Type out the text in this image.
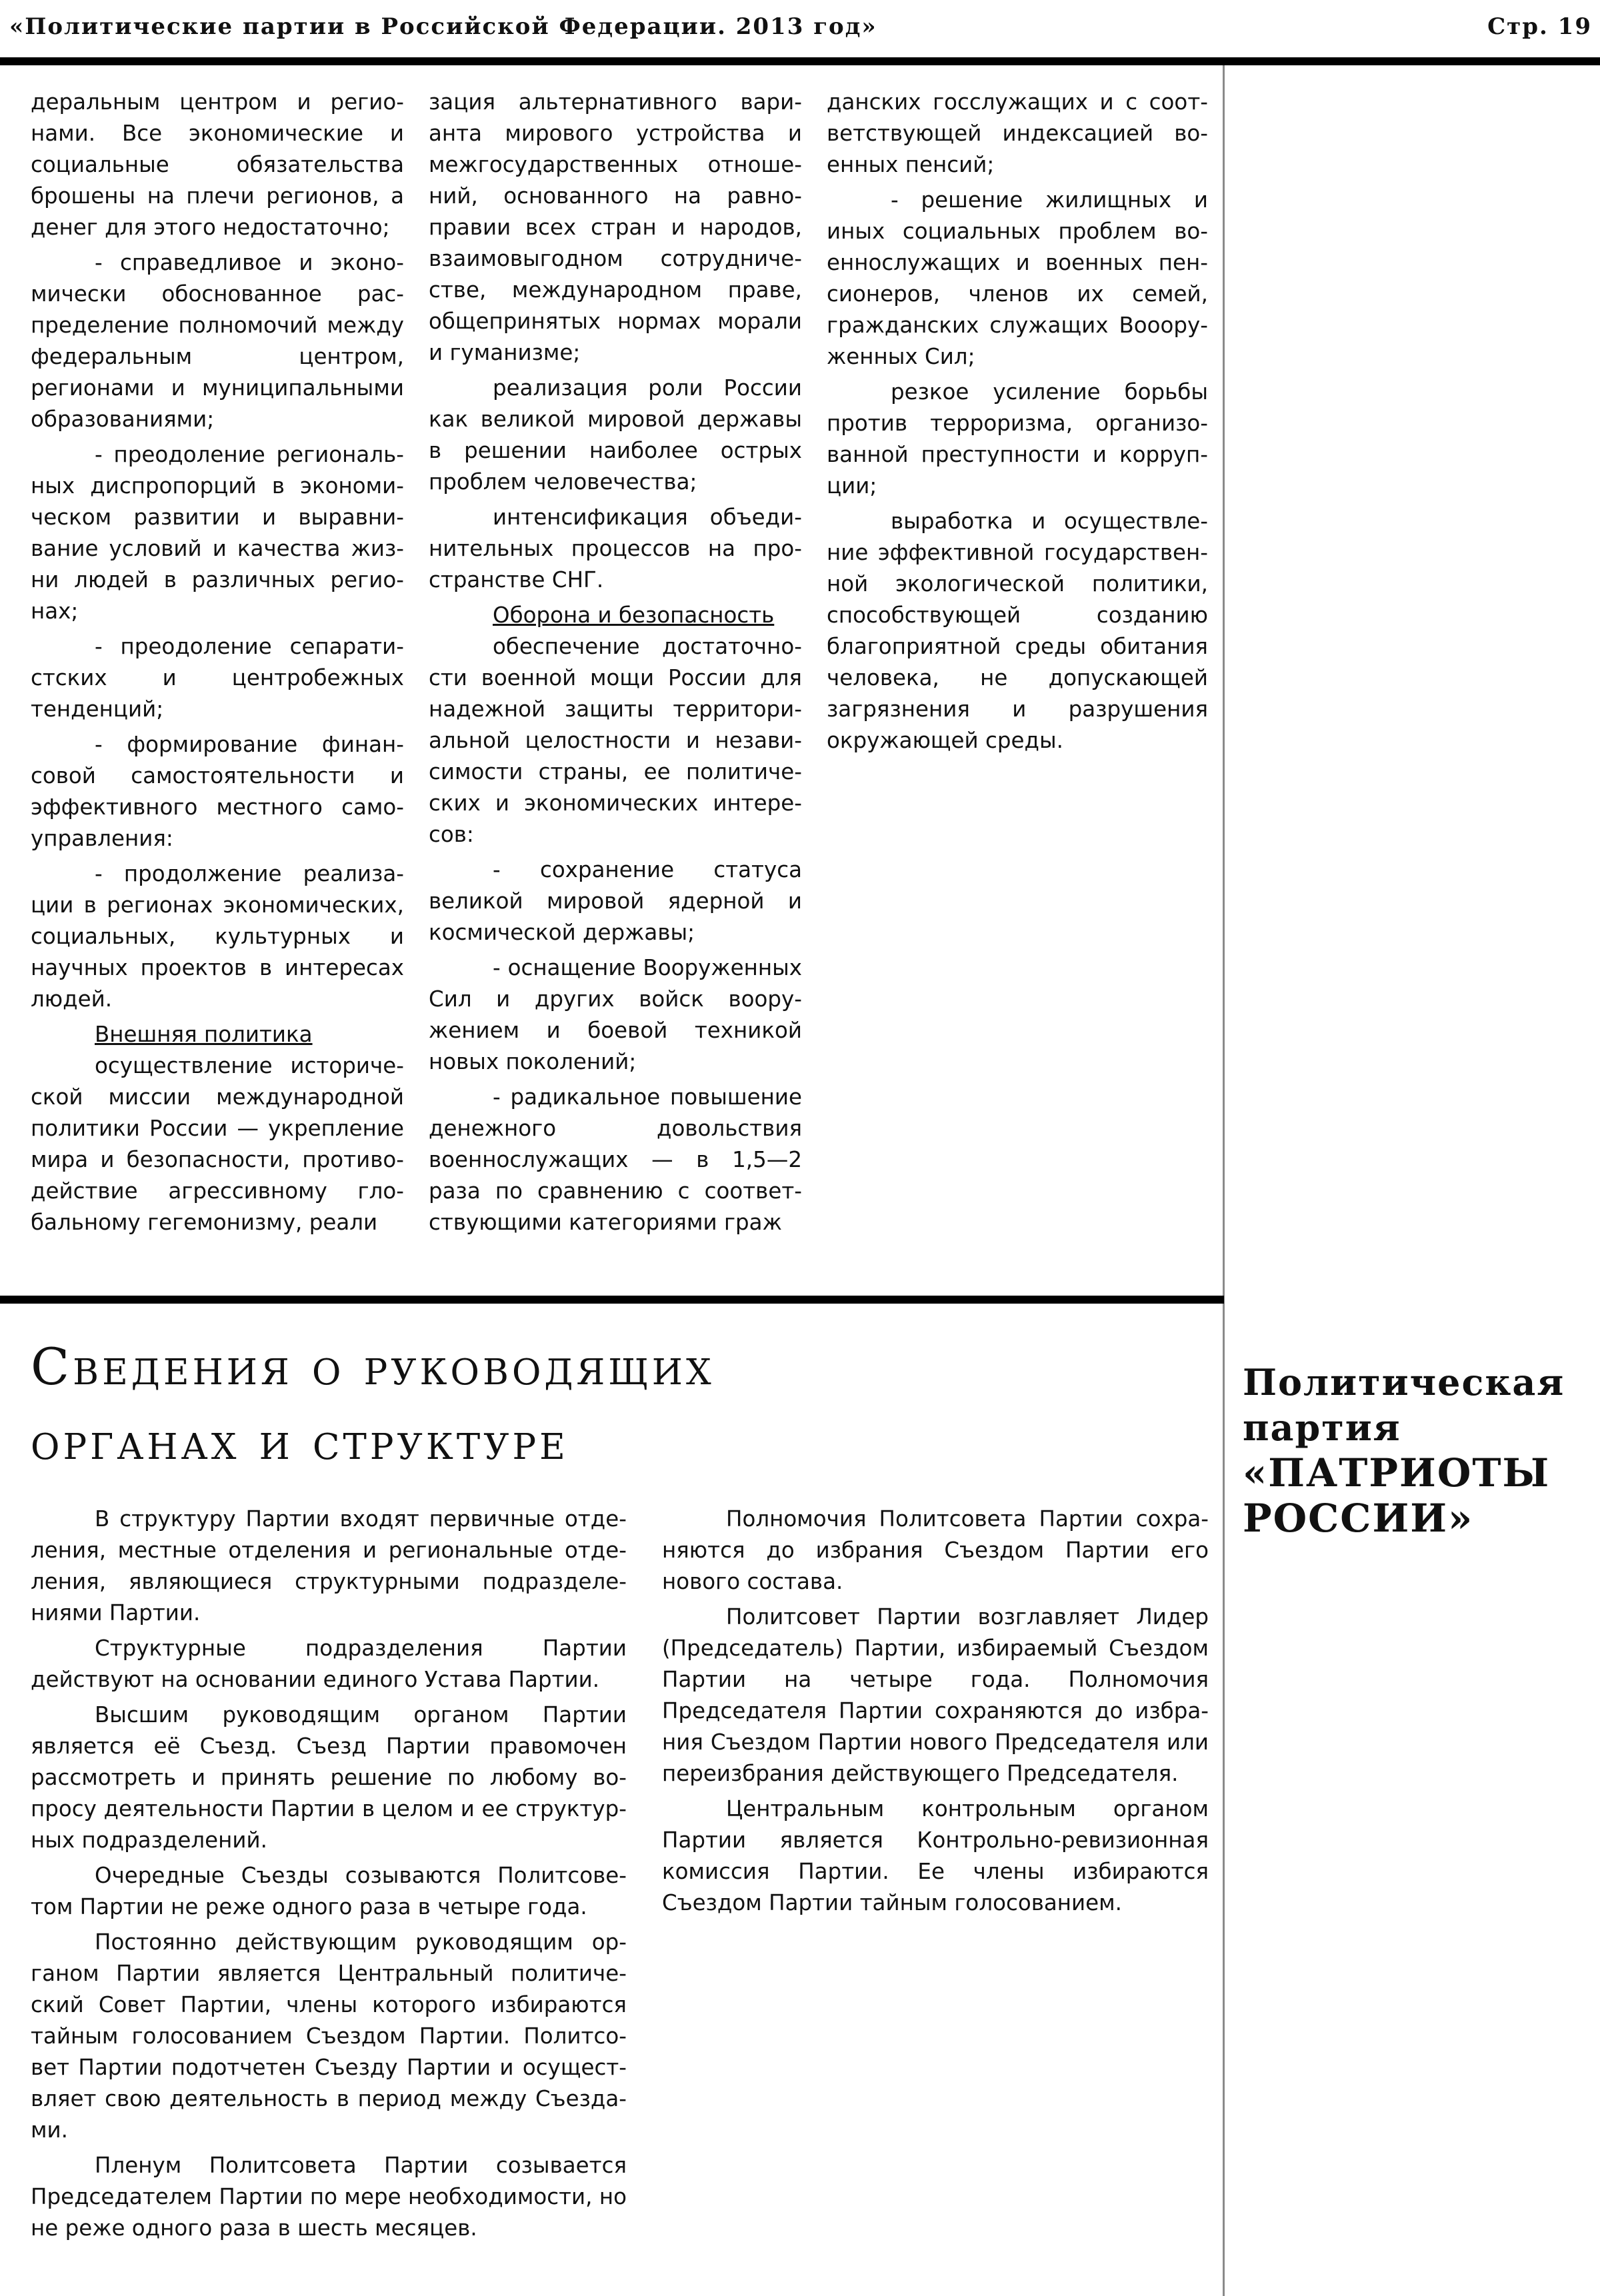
«Политические партии в Российской Федерации. 2013 год»	Стр. 19

деральным центром и регионами. Все экономические и социальные обязательства брошены на плечи регионов, а денег для этого недостаточно;

- справедливое и экономически обоснованное распределение полномочий между федеральным центром, регионами и муниципальными образованиями;

- преодоление региональных диспропорций в экономическом развитии и выравнивание условий и качества жизни людей в различных регионах;

- преодоление сепаратистских и центробежных тенденций;

- формирование финансовой самостоятельности и эффективного местного самоуправления:

- продолжение реализации в регионах экономических, социальных, культурных и научных проектов в интересах людей.

Внешняя политика

осуществление исторической миссии международной политики России — укрепление мира и безопасности, противодействие агрессивному глобальному гегемонизму, реали

зация альтернативного варианта мирового устройства и межгосударственных отношений, основанного на равноправии всех стран и народов, взаимовыгодном сотрудничестве, международном праве, общепринятых нормах морали и гуманизме;

реализация роли России как великой мировой державы в решении наиболее острых проблем человечества;

интенсификация объединительных процессов на пространстве СНГ.

Оборона и безопасность

обеспечение достаточности военной мощи России для надежной защиты территориальной целостности и независимости страны, ее политических и экономических интересов:

- сохранение статуса великой мировой ядерной и космической державы;

- оснащение Вооруженных Сил и других войск вооружением и боевой техникой новых поколений;

- радикальное повышение денежного довольствия военнослужащих — в 1,5—2 раза по сравнению с соответствующими категориями граж

данских госслужащих и с соответствующей индексацией военных пенсий;

- решение жилищных и иных социальных проблем военнослужащих и военных пенсионеров, членов их семей, гражданских служащих Воооруженных Сил;

резкое усиление борьбы против терроризма, организованной преступности и коррупции;

выработка и осуществление эффективной государственной экологической политики, способствующей созданию благоприятной среды обитания человека, не допускающей загрязнения и разрушения окружающей среды.

Сведения о руководящих
органах и структуре
Политическая
партия
«ПАТРИОТЫ
РОССИИ»

В структуру Партии входят первичные отделения, местные отделения и региональные отделения, являющиеся структурными подразделениями Партии.

Структурные подразделения Партии действуют на основании единого Устава Партии.

Высшим руководящим органом Партии является её Съезд. Съезд Партии правомочен рассмотреть и принять решение по любому вопросу деятельности Партии в целом и ее структурных подразделений.

Очередные Съезды созываются Политсоветом Партии не реже одного раза в четыре года.

Постоянно действующим руководящим органом Партии является Центральный политический Совет Партии, члены которого избираются тайным голосованием Съездом Партии. Политсовет Партии подотчетен Съезду Партии и осуществляет свою деятельность в период между Съездами.

Пленум Политсовета Партии созывается Председателем Партии по мере необходимости, но не реже одного раза в шесть месяцев.

Полномочия Политсовета Партии сохраняются до избрания Съездом Партии его нового состава.

Политсовет Партии возглавляет Лидер (Председатель) Партии, избираемый Съездом Партии на четыре года. Полномочия Председателя Партии сохраняются до избрания Съездом Партии нового Председателя или переизбрания действующего Председателя.

Центральным контрольным органом Партии является Контрольно-ревизионная комиссия Партии. Ее члены избираются Съездом Партии тайным голосованием.
